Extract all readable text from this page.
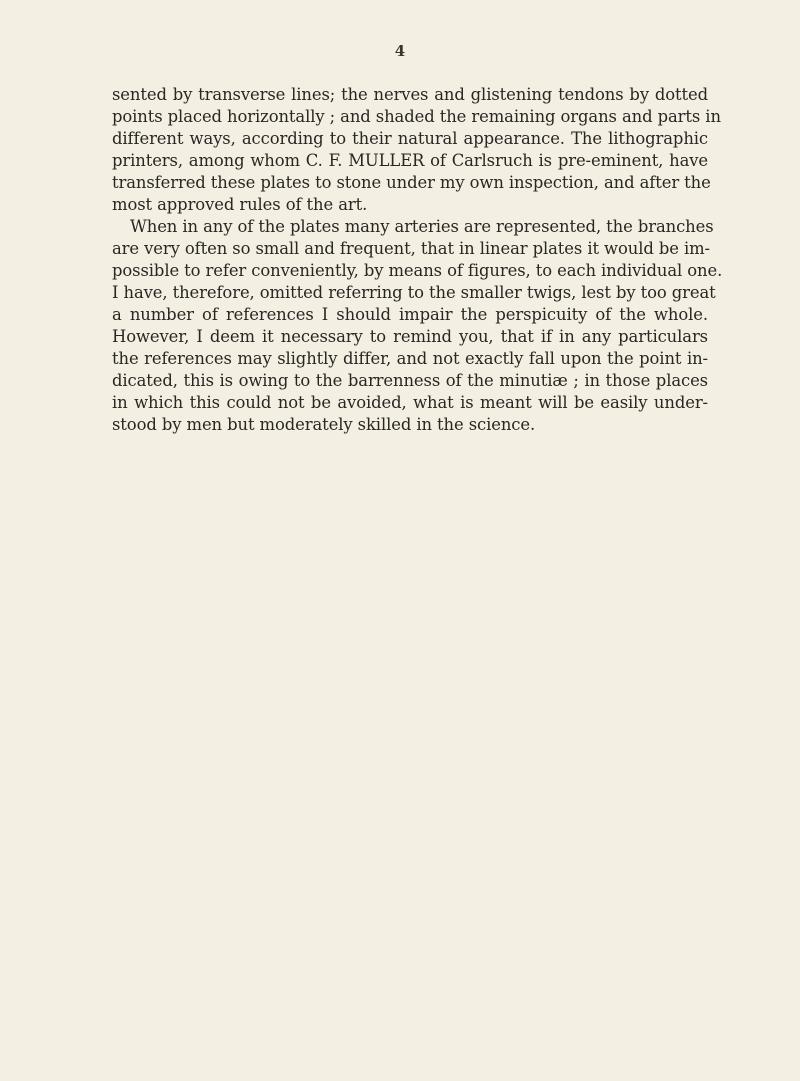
4
sented by transverse lines; the nerves and glistening tendons by dotted
points placed horizontally ; and shaded the remaining organs and parts in
different ways, according to their natural appearance. The lithographic
printers, among whom C. F. MULLER of Carlsruch is pre-eminent, have
transferred these plates to stone under my own inspection, and after the
most approved rules of the art.
When in any of the plates many arteries are represented, the branches
are very often so small and frequent, that in linear plates it would be im-
possible to refer conveniently, by means of figures, to each individual one.
I have, therefore, omitted referring to the smaller twigs, lest by too great
a number of references I should impair the perspicuity of the whole.
However, I deem it necessary to remind you, that if in any particulars
the references may slightly differ, and not exactly fall upon the point in-
dicated, this is owing to the barrenness of the minutiæ ; in those places
in which this could not be avoided, what is meant will be easily under-
stood by men but moderately skilled in the science.
